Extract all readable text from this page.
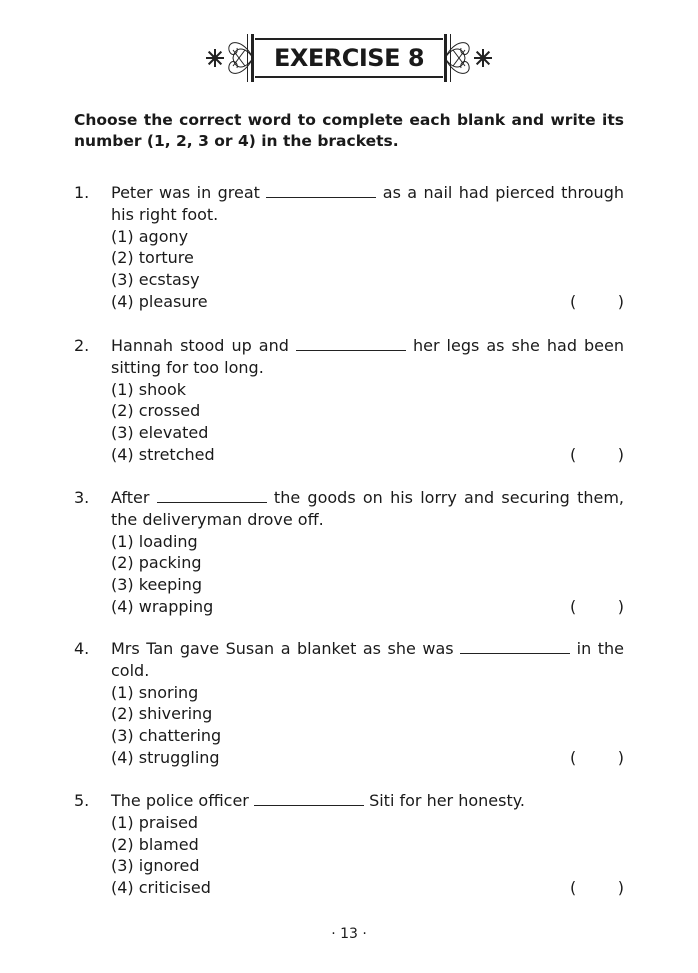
EXERCISE 8
Choose the correct word to complete each blank and write its number (1, 2, 3 or 4) in the brackets.
1. Peter was in great	as a nail had pierced through his right foot.
(1) agony
(2) torture
(3) ecstasy
(4) pleasure	(	)
2. Hannah stood up and	her legs as she had been sitting for too long.
(1) shook
(2) crossed
(3) elevated
(4) stretched	(	)
3. After	the goods on his lorry and securing them, the deliveryman drove off.
(1) loading
(2) packing
(3) keeping
(4) wrapping	(	)
4. Mrs Tan gave Susan a blanket as she was	in the cold.
(1) snoring
(2) shivering
(3) chattering
(4) struggling	(	)
5. The police officer	Siti for her honesty.
(1) praised
(2) blamed
(3) ignored
(4) criticised	(	)
· 13 ·
